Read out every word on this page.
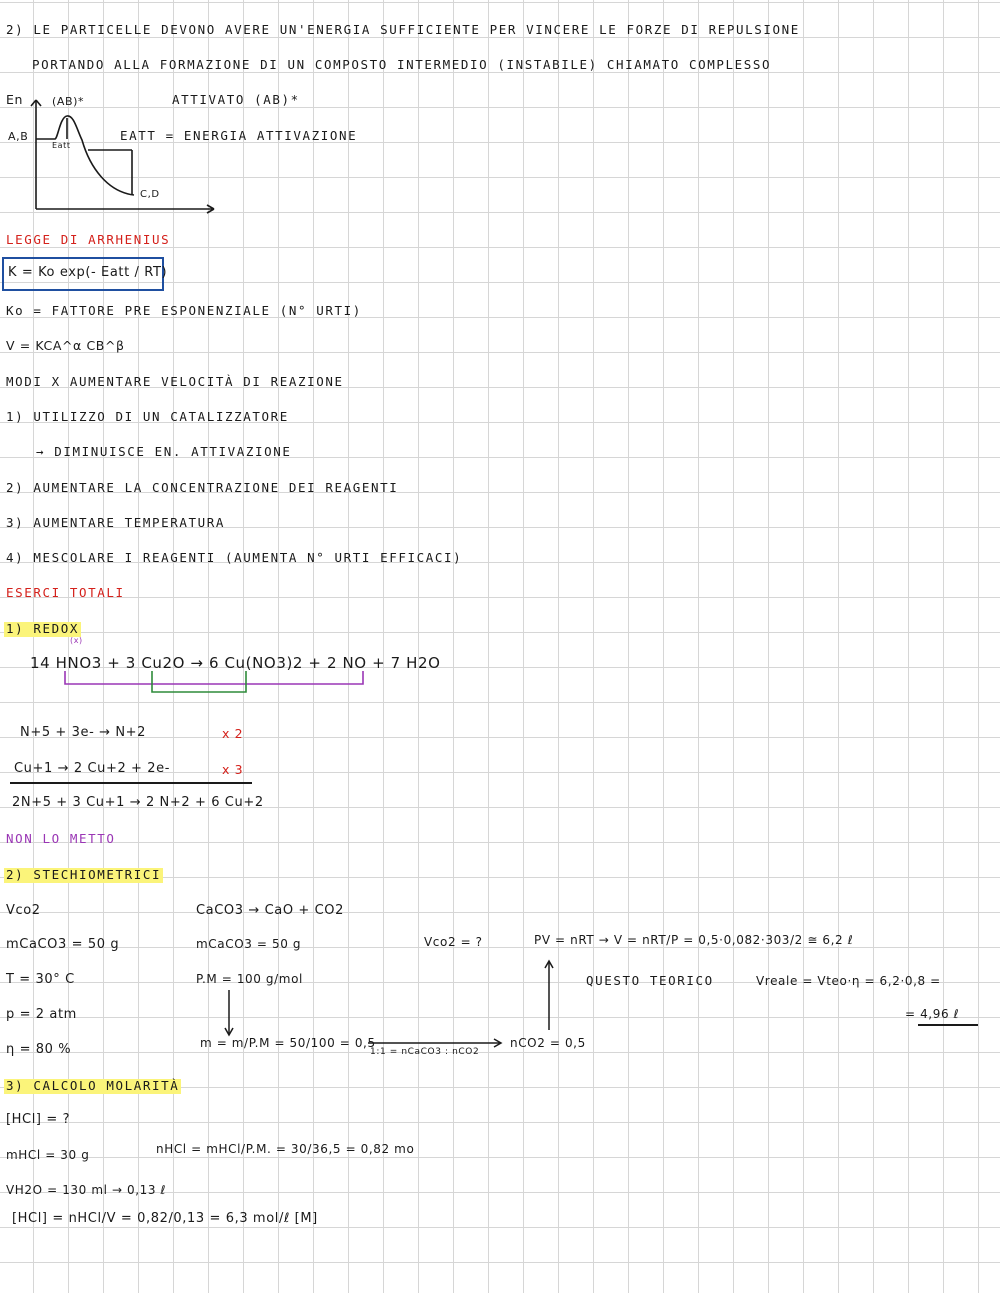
2) LE PARTICELLE DEVONO AVERE UN'ENERGIA SUFFICIENTE PER VINCERE LE FORZE DI REPULSIONE
PORTANDO ALLA FORMAZIONE DI UN COMPOSTO INTERMEDIO (INSTABILE) CHIAMATO COMPLESSO
En	(AB)*
A,B
Eatt
C,D
ATTIVATO (AB)*
EATT = ENERGIA ATTIVAZIONE
LEGGE DI ARRHENIUS
K = Ko exp(- Eatt / RT)
Ko = FATTORE PRE ESPONENZIALE (N° URTI)
V = KCA^α CB^β
MODI X AUMENTARE VELOCITÀ DI REAZIONE
1) UTILIZZO DI UN CATALIZZATORE
→ DIMINUISCE EN. ATTIVAZIONE
2) AUMENTARE LA CONCENTRAZIONE DEI REAGENTI
3) AUMENTARE TEMPERATURA
4) MESCOLARE I REAGENTI (AUMENTA N° URTI EFFICACI)
ESERCI TOTALI
1) REDOX
(x)
14 HNO3 + 3 Cu2O → 6 Cu(NO3)2 + 2 NO + 7 H2O
N+5 + 3e- → N+2	x 2
Cu+1 → 2 Cu+2 + 2e-	x 3
2N+5 + 3 Cu+1 → 2 N+2 + 6 Cu+2
NON LO METTO
2) STECHIOMETRICI
Vco2
mCaCO3 = 50 g
T = 30° C
p = 2 atm
η = 80 %
CaCO3 → CaO + CO2
mCaCO3 = 50 g
P.M = 100 g/mol
m = m/P.M = 50/100 = 0,5
1:1 = nCaCO3 : nCO2
nCO2 = 0,5
Vco2 = ?	PV = nRT → V = nRT/P = 0,5·0,082·303/2 ≅ 6,2 ℓ
QUESTO TEORICO	Vreale = Vteo·η = 6,2·0,8 =
= 4,96 ℓ
3) CALCOLO MOLARITÀ
[HCl] = ?
mHCl = 30 g	nHCl = mHCl/P.M. = 30/36,5 = 0,82 mo
VH2O = 130 ml → 0,13 ℓ
[HCl] = nHCl/V = 0,82/0,13 = 6,3 mol/ℓ [M]
